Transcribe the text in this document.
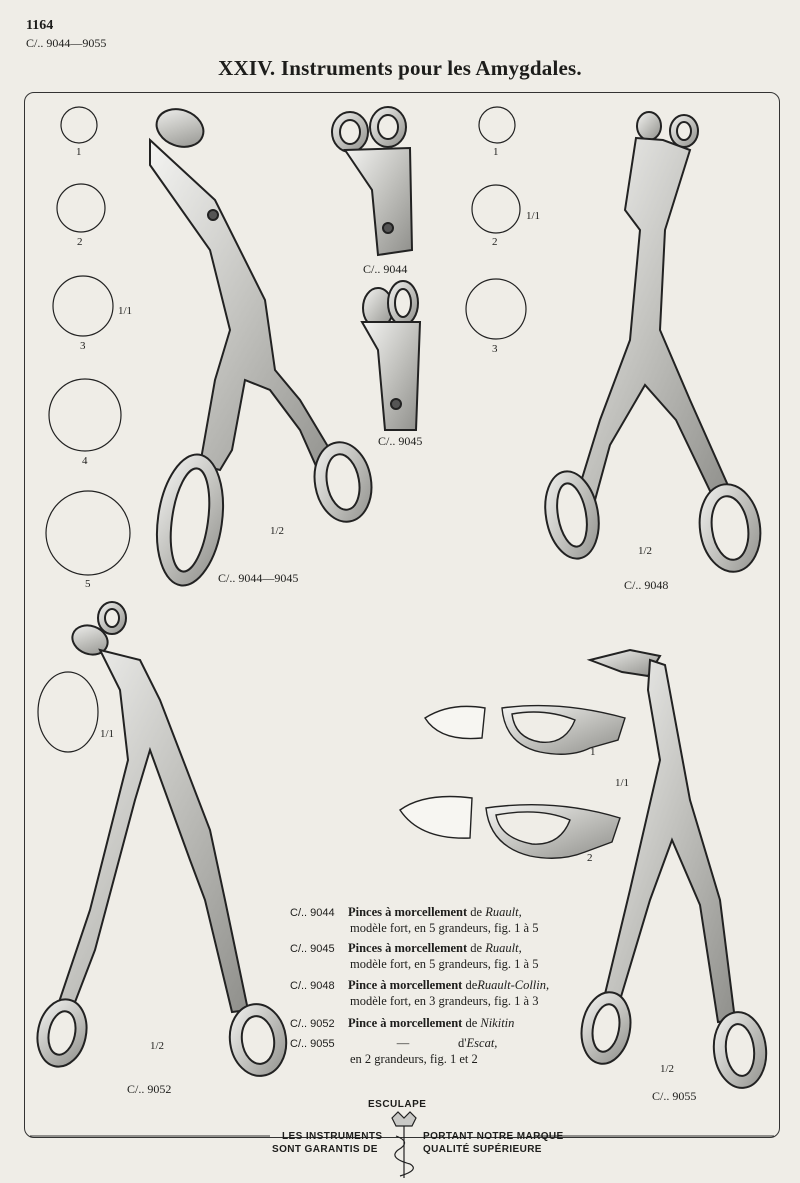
1164
C/.. 9044—9055
XXIV. Instruments pour les Amygdales.
1
2
3
4
5
1/1
1
2
3
1/1
C/.. 9044—9045
1/2
C/.. 9044
C/.. 9045
C/.. 9048
1/2
C/.. 9052
1/2
1/1
C/.. 9055
1/2
1
2
1/1
C/.. 9044 Pinces à morcellement de Ruault,
modèle fort, en 5 grandeurs, fig. 1 à 5
C/.. 9045 Pinces à morcellement de Ruault,
modèle fort, en 5 grandeurs, fig. 1 à 5
C/.. 9048 Pince à morcellement deRuault-Collin,
modèle fort, en 3 grandeurs, fig. 1 à 3
C/.. 9052 Pince à morcellement de Nikitin
C/.. 9055	—	d'Escat,
en 2 grandeurs, fig. 1 et 2
ESCULAPE
LES INSTRUMENTS	PORTANT NOTRE MARQUE
SONT GARANTIS DE	QUALITÉ SUPÉRIEURE
